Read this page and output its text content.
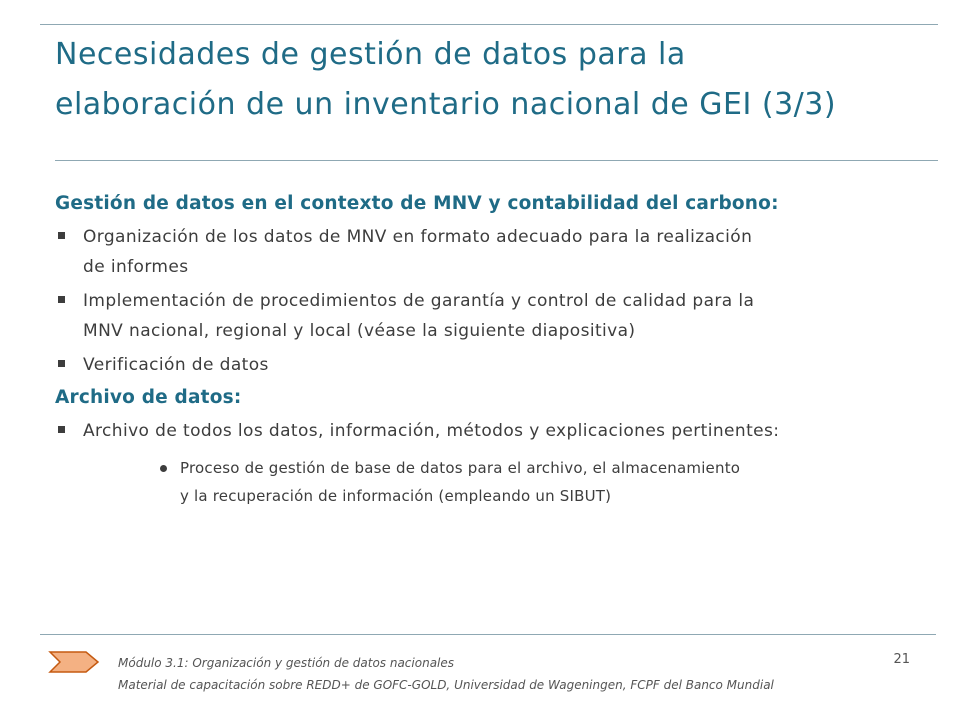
Necesidades de gestión de datos para la
elaboración de un inventario nacional de GEI (3/3)
Gestión de datos en el contexto de MNV y contabilidad del carbono:
Organización de los datos de MNV en formato adecuado para la realización
de informes
Implementación de procedimientos de garantía y control de calidad para la
MNV nacional, regional y local (véase la siguiente diapositiva)
Verificación de datos
Archivo de datos:
Archivo de todos los datos, información, métodos y explicaciones pertinentes:
Proceso de gestión de base de datos para el archivo, el almacenamiento
y la recuperación de información (empleando un SIBUT)
Módulo 3.1: Organización y gestión de datos nacionales
Material de capacitación sobre REDD+ de GOFC-GOLD, Universidad de Wageningen, FCPF del Banco Mundial
21
